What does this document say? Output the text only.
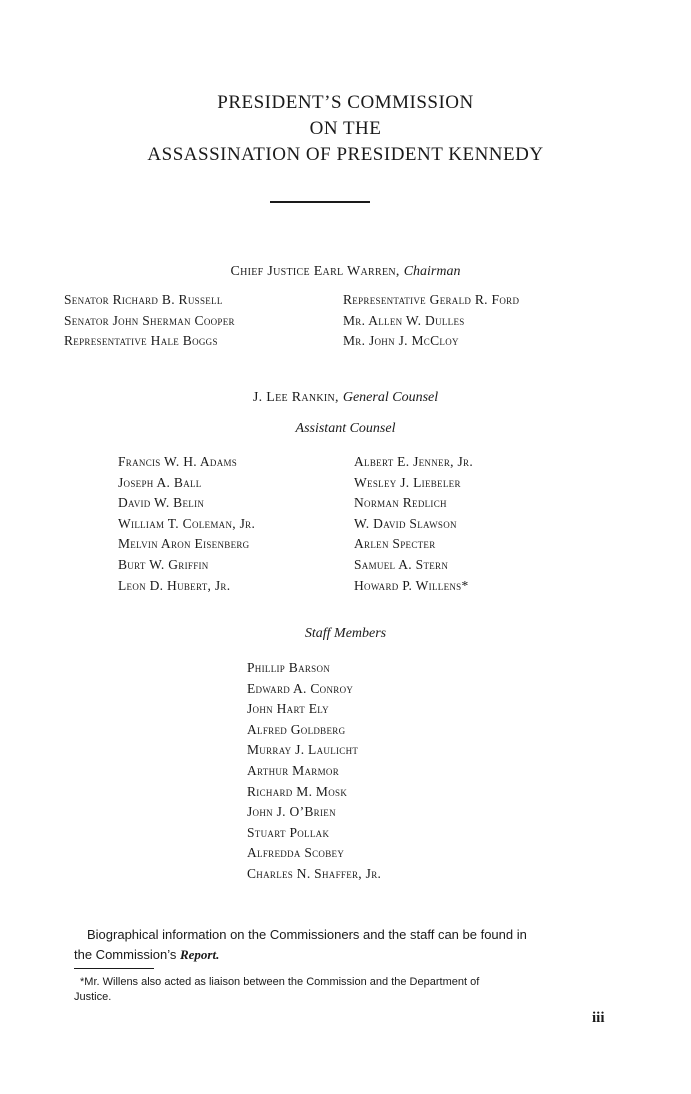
PRESIDENT’S COMMISSION
ON THE
ASSASSINATION OF PRESIDENT KENNEDY
Chief Justice Earl Warren, Chairman
Senator Richard B. Russell
Senator John Sherman Cooper
Representative Hale Boggs
Representative Gerald R. Ford
Mr. Allen W. Dulles
Mr. John J. McCloy
J. Lee Rankin, General Counsel
Assistant Counsel
Francis W. H. Adams
Joseph A. Ball
David W. Belin
William T. Coleman, Jr.
Melvin Aron Eisenberg
Burt W. Griffin
Leon D. Hubert, Jr.
Albert E. Jenner, Jr.
Wesley J. Liebeler
Norman Redlich
W. David Slawson
Arlen Specter
Samuel A. Stern
Howard P. Willens*
Staff Members
Phillip Barson
Edward A. Conroy
John Hart Ely
Alfred Goldberg
Murray J. Laulicht
Arthur Marmor
Richard M. Mosk
John J. O’Brien
Stuart Pollak
Alfredda Scobey
Charles N. Shaffer, Jr.
Biographical information on the Commissioners and the staff can be found in
the Commission’s Report.
*Mr. Willens also acted as liaison between the Commission and the Department of
Justice.
iii
